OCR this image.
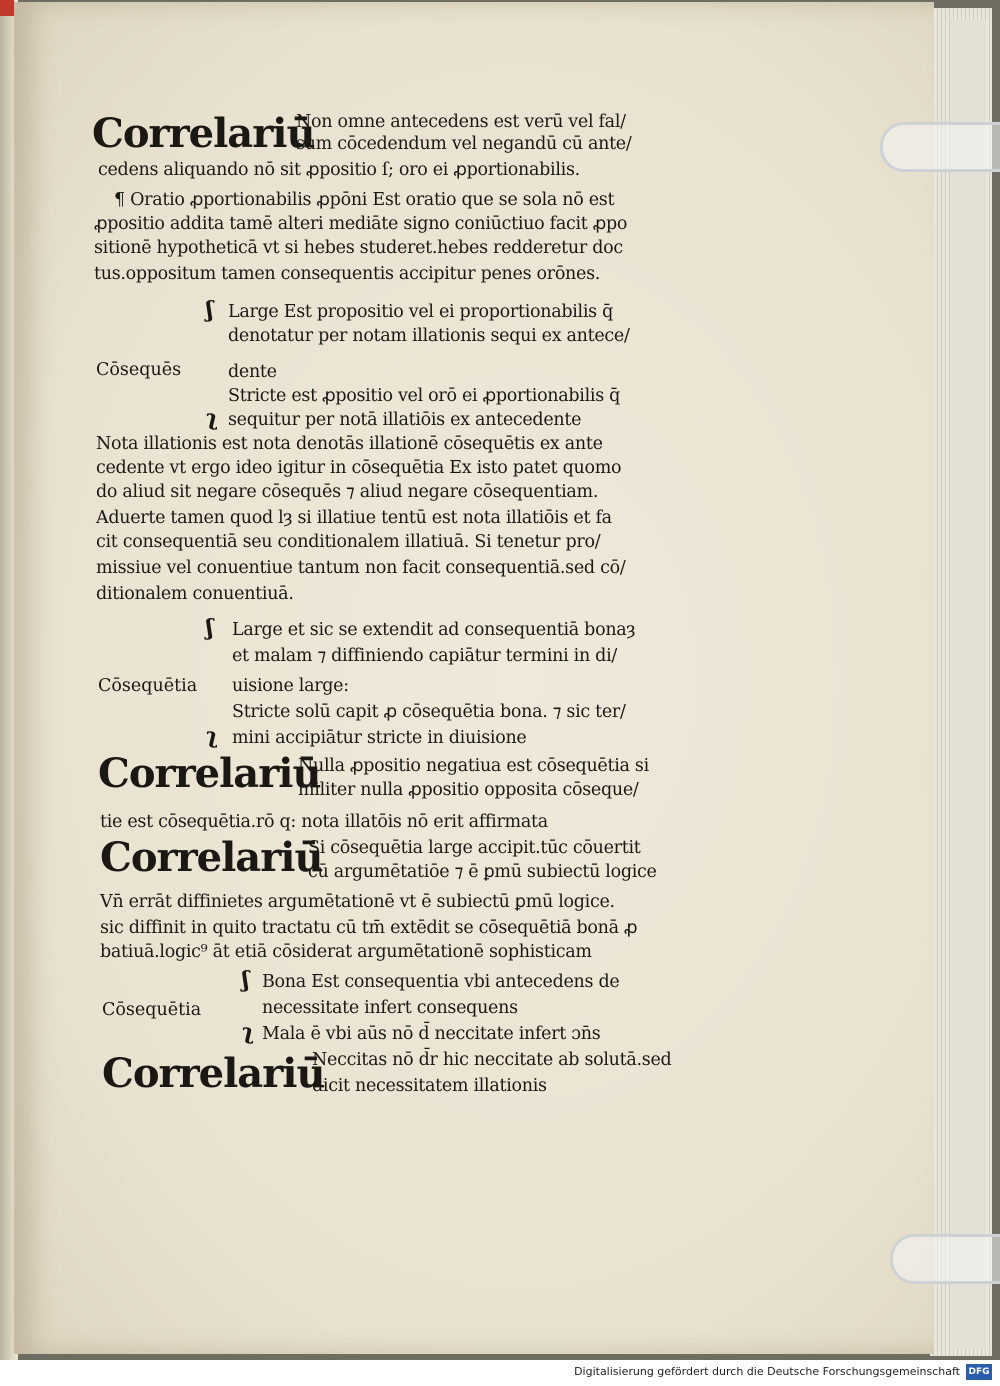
Correlariū
Non omne antecedens est verū vel fal/
sum cōcedendum vel negandū cū ante/
cedens aliquando nō sit ꝓpositio ſ; oro ei ꝓportionabilis.
¶ Oratio ꝓportionabilis ꝓpōni Est oratio que se sola nō est
ꝓpositio addita tamē alteri mediāte signo coniūctiuo facit ꝓpo
sitionē hypotheticā vt si hebes studeret.hebes redderetur doc
tus.oppositum tamen consequentis accipitur penes orōnes.
ʃ Large Est propositio vel ei proportionabilis q̄
denotatur per notam illationis sequi ex antece/
Cōsequēs	dente
Stricte est ꝓpositio vel orō ei ꝓportionabilis q̄
ʅ sequitur per notā illatiōis ex antecedente
Nota illationis est nota denotās illationē cōsequētis ex ante
cedente vt ergo ideo igitur in cōsequētia Ex isto patet quomo
do aliud sit negare cōsequēs ⁊ aliud negare cōsequentiam.
Aduerte tamen quod lȝ si illatiue tentū est nota illatiōis et fa
cit consequentiā seu conditionalem illatiuā. Si tenetur pro/
missiue vel conuentiue tantum non facit consequentiā.sed cō/
ditionalem conuentiuā.
ʃ Large et sic se extendit ad consequentiā bonaȝ
et malam ⁊ diffiniendo capiātur termini in di/
Cōsequētia uisione large:
Stricte solū capit ꝓ cōsequētia bona. ⁊ sic ter/
ʅ mini accipiātur stricte in diuisione
Correlariū
Nulla ꝓpositio negatiua est cōsequētia si
militer nulla ꝓpositio opposita cōseque/
tie est cōsequētia.rō q: nota illatōis nō erit affirmata
Correlariū
Si cōsequētia large accipit.tūc cōuertit
cū argumētatiōe ⁊ ē ꝑmū subiectū logice
Vn̄ errāt diffinietes argumētationē vt ē subiectū ꝑmū logice.
sic diffinit in quito tractatu cū tm̄ extēdit se cōsequētiā bonā ꝓ
batiuā.logic⁹ āt etiā cōsiderat argumētationē sophisticam
ʃ Bona Est consequentia vbi antecedens de
Cōsequētia	necessitate infert consequens
ʅ Mala ē vbi aūs nō d̄ neccitate infert ɔn̄s
Correlariū
Neccitas nō d̄r hic neccitate ab solutā.sed
dicit necessitatem illationis
Digitalisierung gefördert durch die Deutsche Forschungsgemeinschaft DFG
